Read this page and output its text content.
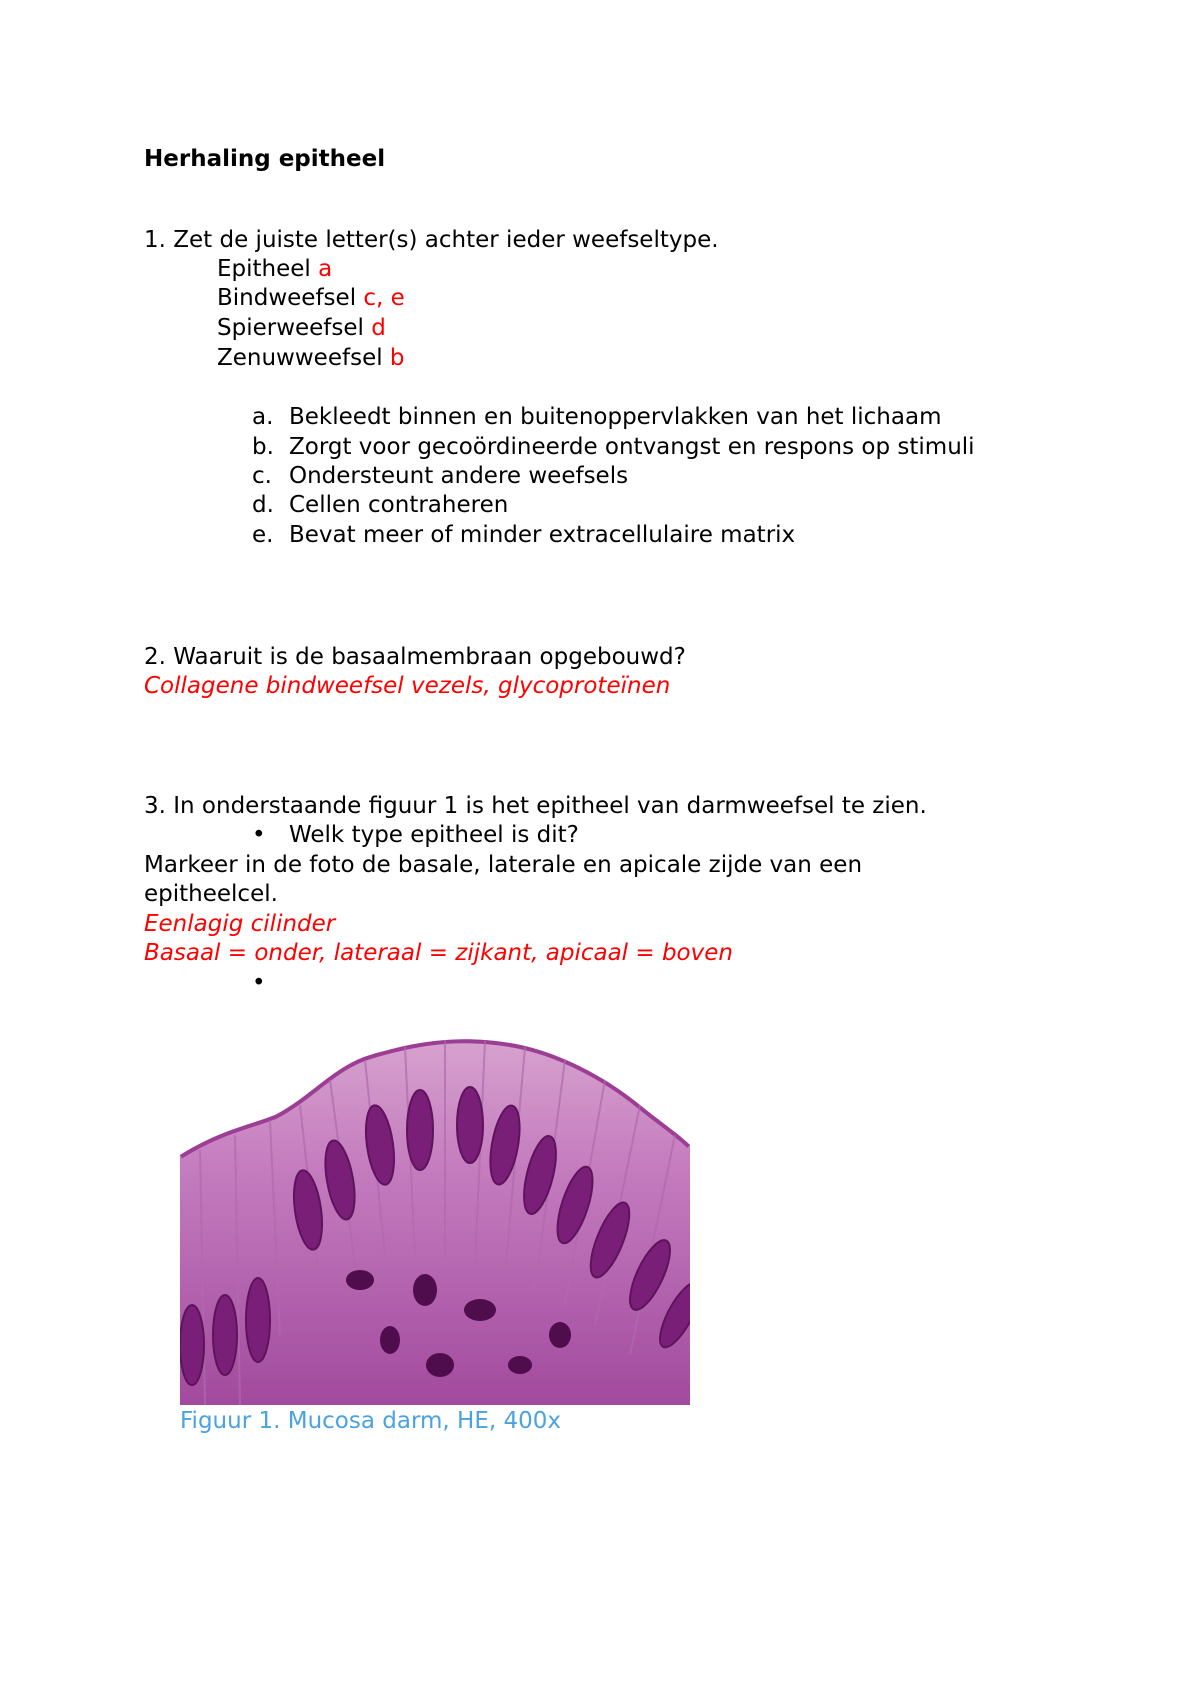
Herhaling epitheel
1. Zet de juiste letter(s) achter ieder weefseltype.
Epitheel a
Bindweefsel c, e
Spierweefsel d
Zenuwweefsel b
a. Bekleedt binnen en buitenoppervlakken van het lichaam
b. Zorgt voor gecoördineerde ontvangst en respons op stimuli
c. Ondersteunt andere weefsels
d. Cellen contraheren
e. Bevat meer of minder extracellulaire matrix
2. Waaruit is de basaalmembraan opgebouwd?
Collagene bindweefsel vezels, glycoproteïnen
3. In onderstaande figuur 1 is het epitheel van darmweefsel te zien.
• Welk type epitheel is dit?
Markeer in de foto de basale, laterale en apicale zijde van een
epitheelcel.
Eenlagig cilinder
Basaal = onder, lateraal = zijkant, apicaal = boven
•
Figuur 1. Mucosa darm, HE, 400x
